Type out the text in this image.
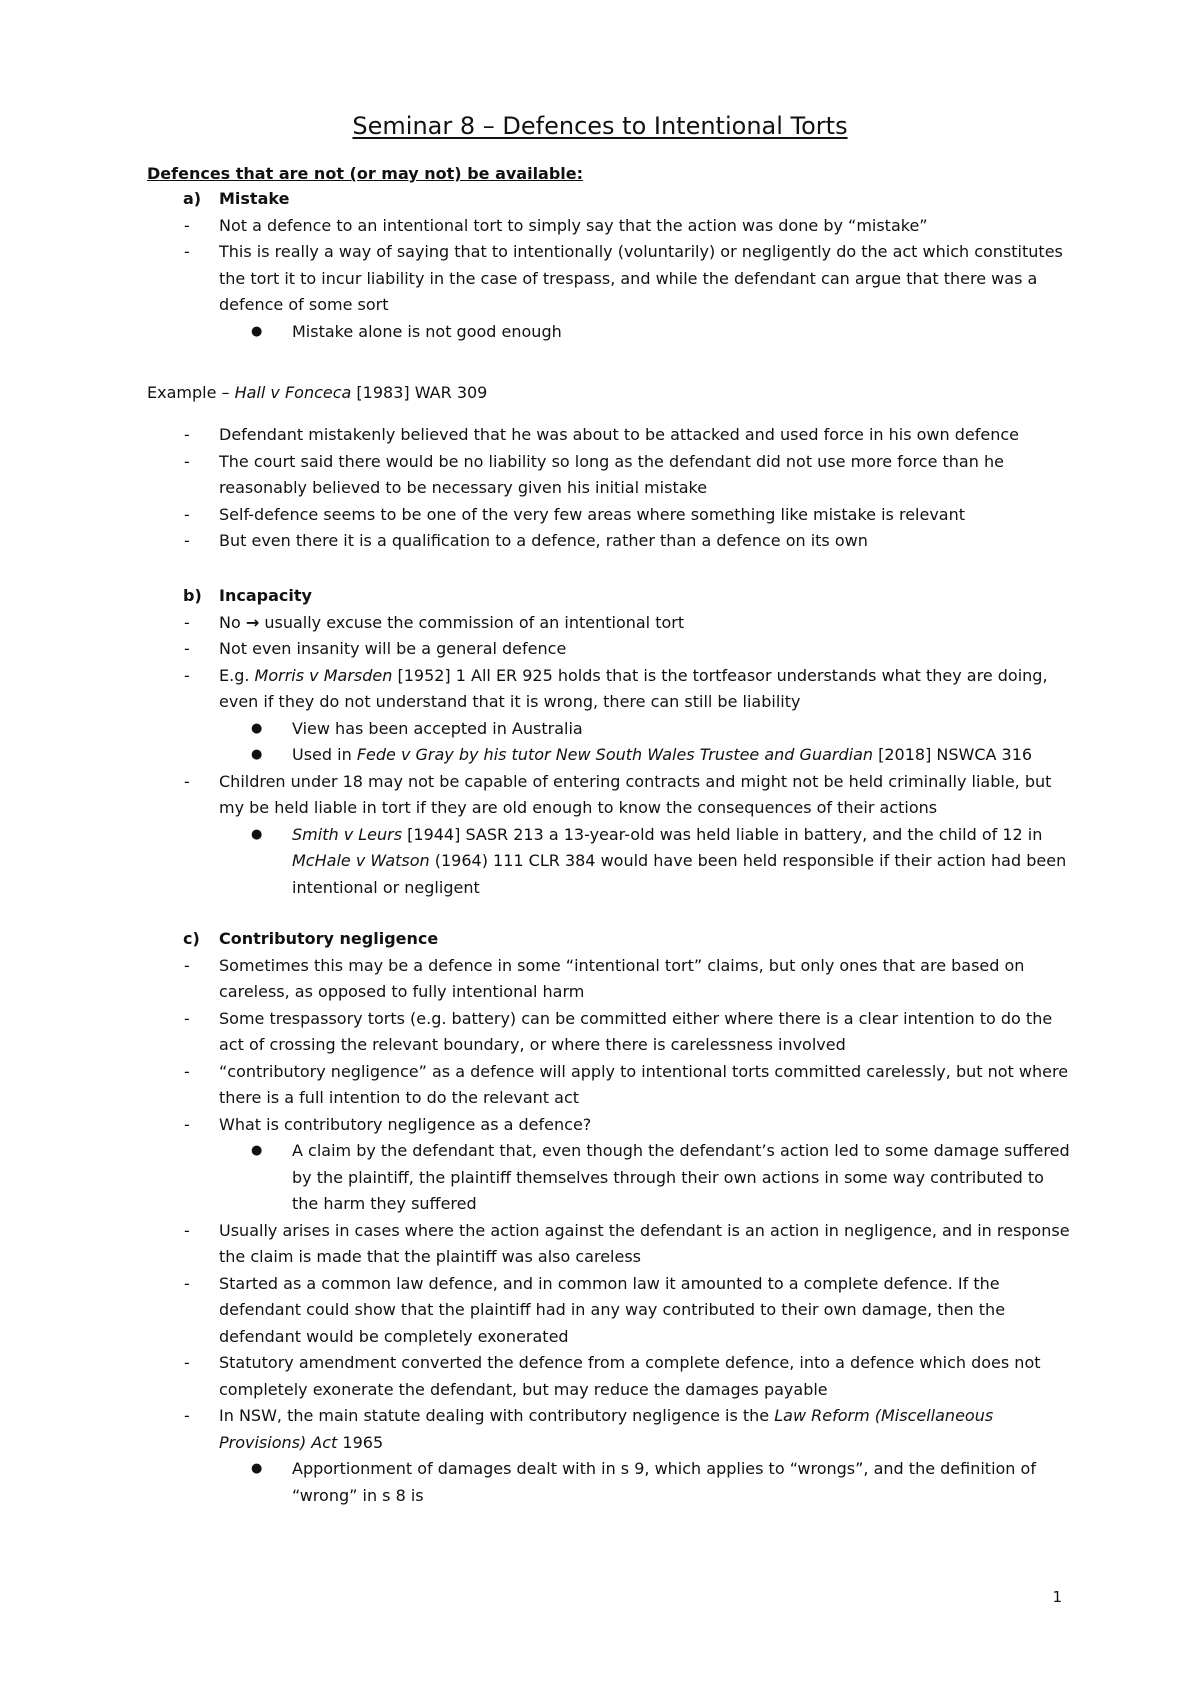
Seminar 8 – Defences to Intentional Torts
Defences that are not (or may not) be available:
a) Mistake
- Not a defence to an intentional tort to simply say that the action was done by “mistake”
- This is really a way of saying that to intentionally (voluntarily) or negligently do the act which constitutes the tort it to incur liability in the case of trespass, and while the defendant can argue that there was a defence of some sort
● Mistake alone is not good enough
Example – Hall v Fonceca [1983] WAR 309
- Defendant mistakenly believed that he was about to be attacked and used force in his own defence
- The court said there would be no liability so long as the defendant did not use more force than he reasonably believed to be necessary given his initial mistake
- Self-defence seems to be one of the very few areas where something like mistake is relevant
- But even there it is a qualification to a defence, rather than a defence on its own
b) Incapacity
- No → usually excuse the commission of an intentional tort
- Not even insanity will be a general defence
- E.g. Morris v Marsden [1952] 1 All ER 925 holds that is the tortfeasor understands what they are doing, even if they do not understand that it is wrong, there can still be liability
● View has been accepted in Australia
● Used in Fede v Gray by his tutor New South Wales Trustee and Guardian [2018] NSWCA 316
- Children under 18 may not be capable of entering contracts and might not be held criminally liable, but my be held liable in tort if they are old enough to know the consequences of their actions
● Smith v Leurs [1944] SASR 213 a 13-year-old was held liable in battery, and the child of 12 in McHale v Watson (1964) 111 CLR 384 would have been held responsible if their action had been intentional or negligent
c) Contributory negligence
- Sometimes this may be a defence in some “intentional tort” claims, but only ones that are based on careless, as opposed to fully intentional harm
- Some trespassory torts (e.g. battery) can be committed either where there is a clear intention to do the act of crossing the relevant boundary, or where there is carelessness involved
- “contributory negligence” as a defence will apply to intentional torts committed carelessly, but not where there is a full intention to do the relevant act
- What is contributory negligence as a defence?
● A claim by the defendant that, even though the defendant’s action led to some damage suffered by the plaintiff, the plaintiff themselves through their own actions in some way contributed to the harm they suffered
- Usually arises in cases where the action against the defendant is an action in negligence, and in response the claim is made that the plaintiff was also careless
- Started as a common law defence, and in common law it amounted to a complete defence. If the defendant could show that the plaintiff had in any way contributed to their own damage, then the defendant would be completely exonerated
- Statutory amendment converted the defence from a complete defence, into a defence which does not completely exonerate the defendant, but may reduce the damages payable
- In NSW, the main statute dealing with contributory negligence is the Law Reform (Miscellaneous Provisions) Act 1965
● Apportionment of damages dealt with in s 9, which applies to “wrongs”, and the definition of “wrong” in s 8 is
1
